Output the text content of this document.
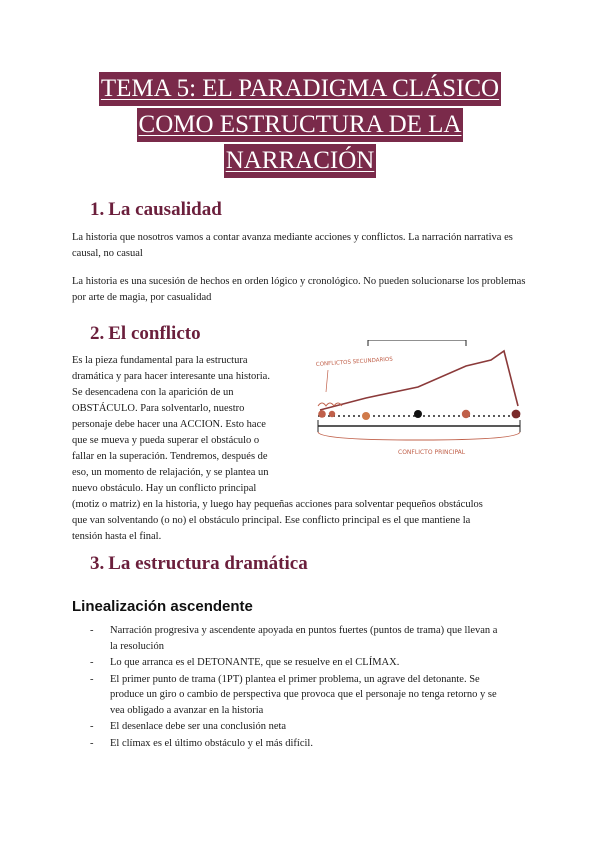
TEMA 5: EL PARADIGMA CLÁSICO
COMO ESTRUCTURA DE LA
NARRACIÓN
1. La causalidad

La historia que nosotros vamos a contar avanza mediante acciones y conflictos. La narración narrativa es causal, no casual

La historia es una sucesión de hechos en orden lógico y cronológico. No pueden solucionarse los problemas por arte de magia, por casualidad

2. El conflicto
Es la pieza fundamental para la estructura
dramática y para hacer interesante una historia.
Se desencadena con la aparición de un
OBSTÁCULO. Para solventarlo, nuestro
personaje debe hacer una ACCION. Esto hace
que se mueva y pueda superar el obstáculo o
fallar en la superación. Tendremos, después de
eso, un momento de relajación, y se plantea un
nuevo obstáculo. Hay un conflicto principal
(motiz o matriz) en la historia, y luego hay pequeñas acciones para solventar pequeños obstáculos
que van solventando (o no) el obstáculo principal. Ese conflicto principal es el que mantiene la
tensión hasta el final.
CONFLICTOS SECUNDARIOS
CONFLICTO PRINCIPAL
3. La estructura dramática
Linealización ascendente
- Narración progresiva y ascendente apoyada en puntos fuertes (puntos de trama) que llevan a
la resolución
- Lo que arranca es el DETONANTE, que se resuelve en el CLÍMAX.
- El primer punto de trama (1PT) plantea el primer problema, un agrave del detonante. Se
produce un giro o cambio de perspectiva que provoca que el personaje no tenga retorno y se
vea obligado a avanzar en la historia
- El desenlace debe ser una conclusión neta
- El clímax es el último obstáculo y el más difícil.
